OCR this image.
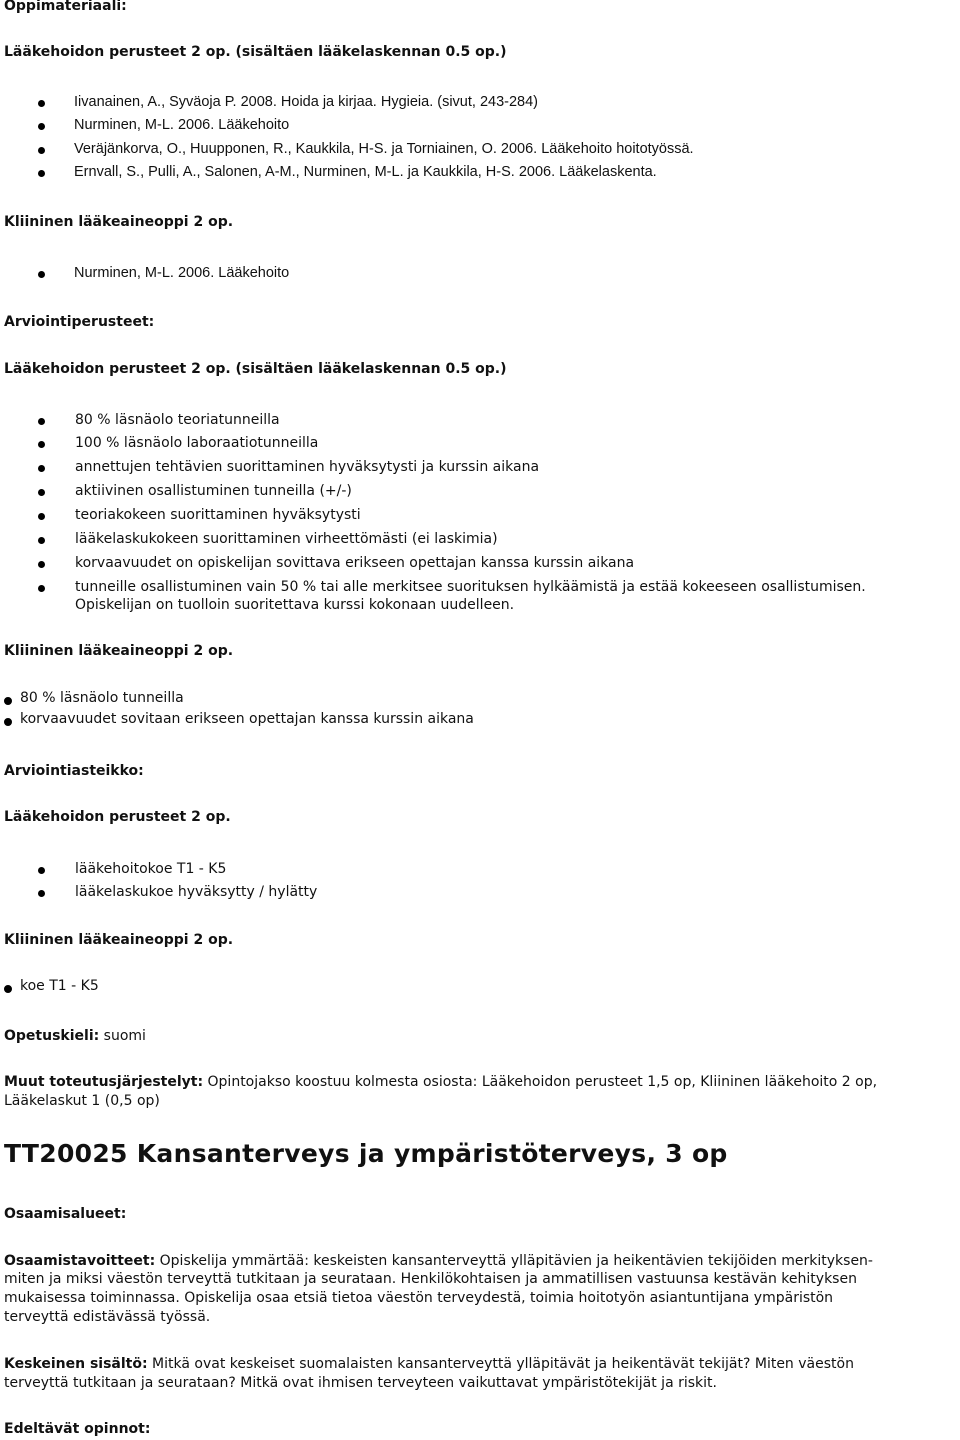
Oppimateriaali:
Lääkehoidon perusteet 2 op. (sisältäen lääkelaskennan 0.5 op.)
Iivanainen, A., Syväoja P. 2008. Hoida ja kirjaa. Hygieia. (sivut, 243-284)
Nurminen, M-L. 2006. Lääkehoito
Veräjänkorva, O., Huupponen, R., Kaukkila, H-S. ja Torniainen, O. 2006. Lääkehoito hoitotyössä.
Ernvall, S., Pulli, A., Salonen, A-M., Nurminen, M-L. ja Kaukkila, H-S. 2006. Lääkelaskenta.
Kliininen lääkeaineoppi 2 op.
Nurminen, M-L. 2006. Lääkehoito
Arviointiperusteet:
Lääkehoidon perusteet 2 op. (sisältäen lääkelaskennan 0.5 op.)
80 % läsnäolo teoriatunneilla
100 % läsnäolo laboraatiotunneilla
annettujen tehtävien suorittaminen hyväksytysti ja kurssin aikana
aktiivinen osallistuminen tunneilla (+/-)
teoriakokeen suorittaminen hyväksytysti
lääkelaskukokeen suorittaminen virheettömästi (ei laskimia)
korvaavuudet on opiskelijan sovittava erikseen opettajan kanssa kurssin aikana
tunneille osallistuminen vain 50 % tai alle merkitsee suorituksen hylkäämistä ja estää kokeeseen osallistumisen.
Opiskelijan on tuolloin suoritettava kurssi kokonaan uudelleen.
Kliininen lääkeaineoppi 2 op.
80 % läsnäolo tunneilla
korvaavuudet sovitaan erikseen opettajan kanssa kurssin aikana
Arviointiasteikko:
Lääkehoidon perusteet 2 op.
lääkehoitokoe T1 - K5
lääkelaskukoe hyväksytty / hylätty
Kliininen lääkeaineoppi 2 op.
koe T1 - K5
Opetuskieli: suomi
Muut toteutusjärjestelyt: Opintojakso koostuu kolmesta osiosta: Lääkehoidon perusteet 1,5 op, Kliininen lääkehoito 2 op,
Lääkelaskut 1 (0,5 op)
TT20025 Kansanterveys ja ympäristöterveys, 3 op
Osaamisalueet:
Osaamistavoitteet: Opiskelija ymmärtää: keskeisten kansanterveyttä ylläpitävien ja heikentävien tekijöiden merkityksen-
miten ja miksi väestön terveyttä tutkitaan ja seurataan. Henkilökohtaisen ja ammatillisen vastuunsa kestävän kehityksen
mukaisessa toiminnassa. Opiskelija osaa etsiä tietoa väestön terveydestä, toimia hoitotyön asiantuntijana ympäristön
terveyttä edistävässä työssä.
Keskeinen sisältö: Mitkä ovat keskeiset suomalaisten kansanterveyttä ylläpitävät ja heikentävät tekijät? Miten väestön
terveyttä tutkitaan ja seurataan? Mitkä ovat ihmisen terveyteen vaikuttavat ympäristötekijät ja riskit.
Edeltävät opinnot:
